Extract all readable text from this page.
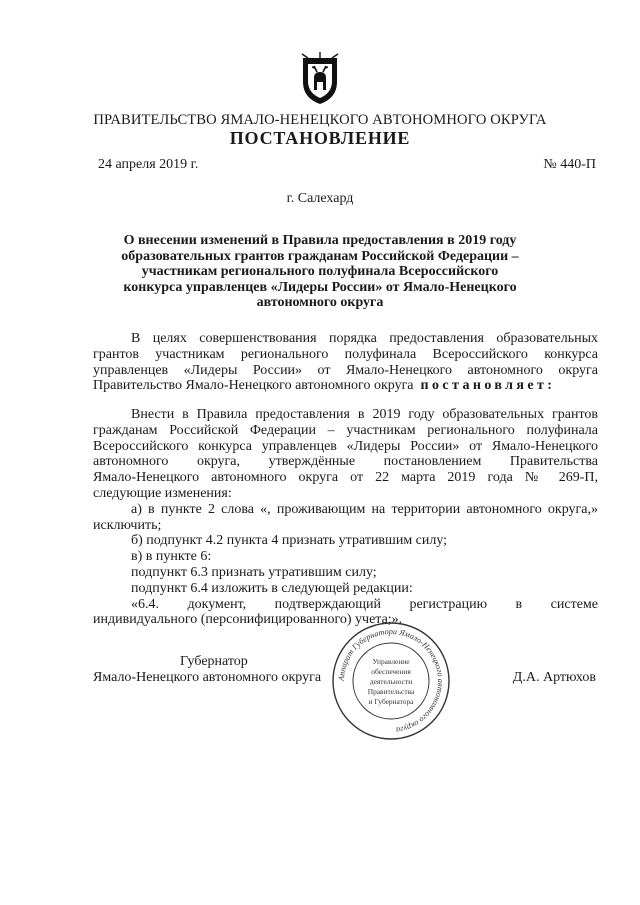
ПРАВИТЕЛЬСТВО ЯМАЛО-НЕНЕЦКОГО АВТОНОМНОГО ОКРУГА
ПОСТАНОВЛЕНИЕ
24 апреля 2019 г.	№ 440-П
г. Салехард
О внесении изменений в Правила предоставления в 2019 году
образовательных грантов гражданам Российской Федерации –
участникам регионального полуфинала Всероссийского
конкурса управленцев «Лидеры России» от Ямало-Ненецкого
автономного округа
В целях совершенствования порядка предоставления образовательных
грантов участникам регионального полуфинала Всероссийского конкурса
управленцев «Лидеры России» от Ямало-Ненецкого автономного округа
Правительство Ямало-Ненецкого автономного округа постановляет:
Внести в Правила предоставления в 2019 году образовательных грантов
гражданам Российской Федерации – участникам регионального полуфинала
Всероссийского конкурса управленцев «Лидеры России» от Ямало-Ненецкого
автономного округа, утверждённые постановлением Правительства
Ямало-Ненецкого автономного округа от 22 марта 2019 года № 269-П,
следующие изменения:
а) в пункте 2 слова «, проживающим на территории автономного округа,»
исключить;
б) подпункт 4.2 пункта 4 признать утратившим силу;
в) в пункте 6:
подпункт 6.3 признать утратившим силу;
подпункт 6.4 изложить в следующей редакции:
«6.4. документ, подтверждающий регистрацию в системе
индивидуального (персонифицированного) учета;».
Губернатор
Ямало-Ненецкого автономного округа	Д.А. Артюхов
Аппарат Губернатора Ямало-Ненецкого автономного округа
Управление
обеспечения
деятельности
Правительства
и Губернатора
